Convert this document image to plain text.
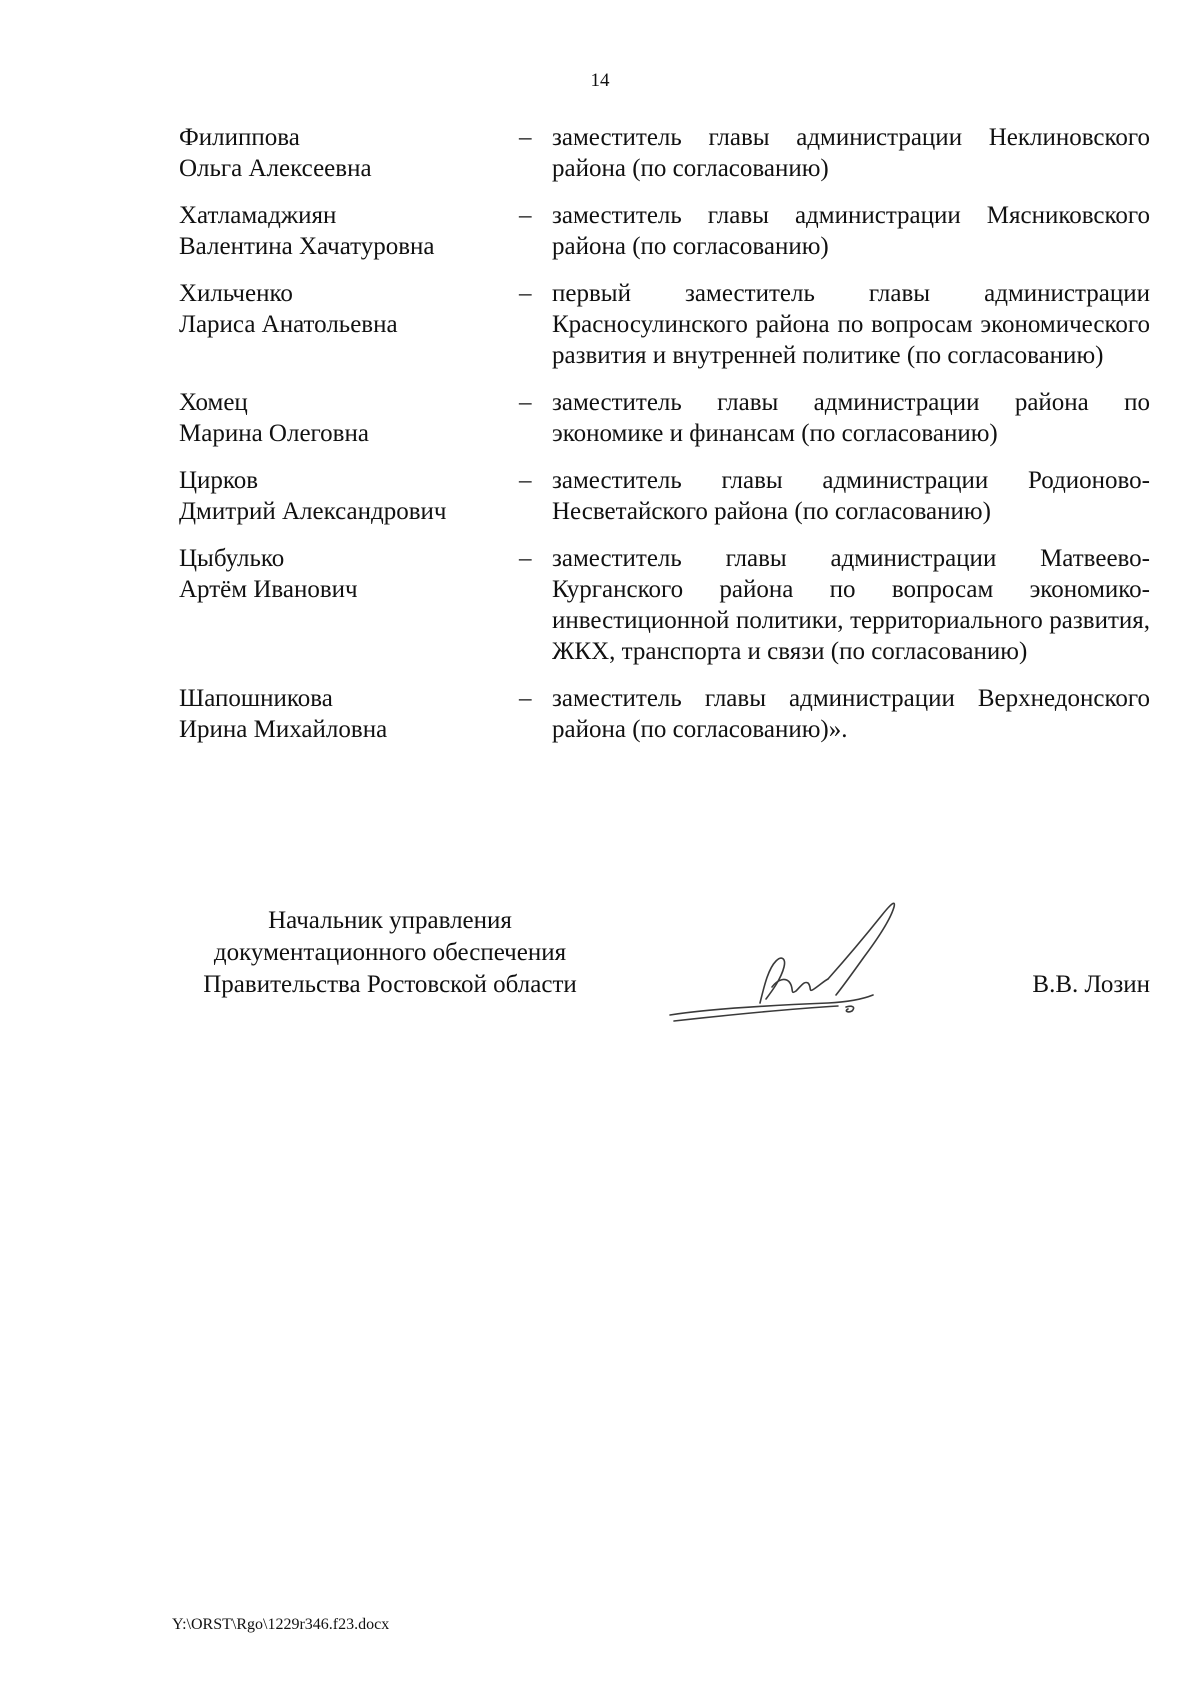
14
Филиппова
Ольга Алексеевна
– заместитель главы администрации Неклиновского района (по согласованию)
Хатламаджиян
Валентина Хачатуровна
– заместитель главы администрации Мясниковского района (по согласованию)
Хильченко
Лариса Анатольевна
– первый заместитель главы администрации Красносулинского района по вопросам экономического развития и внутренней политике (по согласованию)
Хомец
Марина Олеговна
– заместитель главы администрации района по экономике и финансам (по согласованию)
Цирков
Дмитрий Александрович
– заместитель главы администрации Родионово-Несветайского района (по согласованию)
Цыбулько
Артём Иванович
– заместитель главы администрации Матвеево-Курганского района по вопросам экономико-инвестиционной политики, территориального развития, ЖКХ, транспорта и связи (по согласованию)
Шапошникова
Ирина Михайловна
– заместитель главы администрации Верхнедонского района (по согласованию)».
Начальник управления
документационного обеспечения
Правительства Ростовской области	В.В. Лозин
Y:\ORST\Rgo\1229r346.f23.docx
